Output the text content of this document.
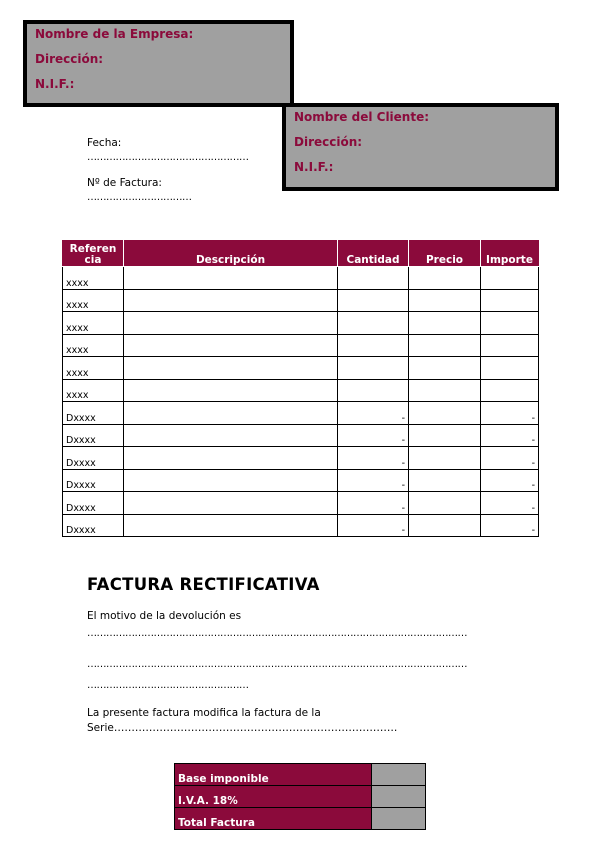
Nombre de la Empresa:
Dirección:
N.I.F.:
Nombre del Cliente:
Dirección:
N.I.F.:
Fecha:
……………………………………………
Nº de Factura:
……………………………
Referen cia	Descripción	Cantidad	Precio	Importe
xxxx				
xxxx				
xxxx				
xxxx				
xxxx				
xxxx				
Dxxxx		-		-
Dxxxx		-		-
Dxxxx		-		-
Dxxxx		-		-
Dxxxx		-		-
Dxxxx		-		-
FACTURA RECTIFICATIVA
El motivo de la devolución es
…………………………………………………………………………………………………………
…………………………………………………………………………………………………………
……………………………………………
La presente factura modifica la factura de la
Serie………………………………………………………………………
Base imponible	
I.V.A. 18%	
Total Factura	
